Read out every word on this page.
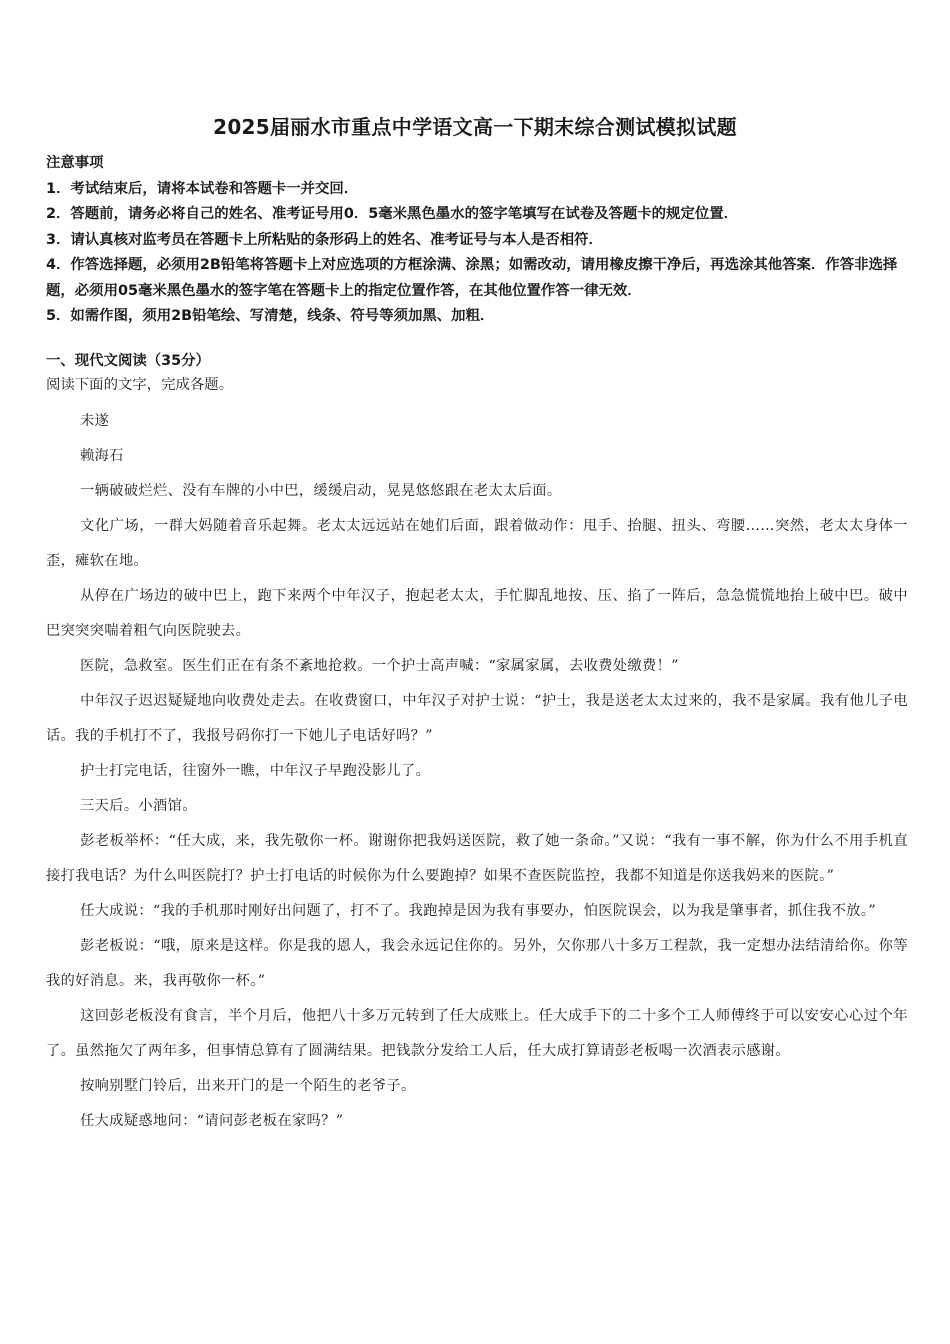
2025届丽水市重点中学语文高一下期末综合测试模拟试题

注意事项

1．考试结束后，请将本试卷和答题卡一并交回．

2．答题前，请务必将自己的姓名、准考证号用0．5毫米黑色墨水的签字笔填写在试卷及答题卡的规定位置．

3．请认真核对监考员在答题卡上所粘贴的条形码上的姓名、准考证号与本人是否相符．

4．作答选择题，必须用2B铅笔将答题卡上对应选项的方框涂满、涂黑；如需改动，请用橡皮擦干净后，再选涂其他答案．作答非选择题，必须用05毫米黑色墨水的签字笔在答题卡上的指定位置作答，在其他位置作答一律无效．

5．如需作图，须用2B铅笔绘、写清楚，线条、符号等须加黑、加粗．

一、现代文阅读（35分）

阅读下面的文字，完成各题。

未遂

赖海石

一辆破破烂烂、没有车牌的小中巴，缓缓启动，晃晃悠悠跟在老太太后面。

文化广场，一群大妈随着音乐起舞。老太太远远站在她们后面，跟着做动作：甩手、抬腿、扭头、弯腰……突然，老太太身体一歪，瘫软在地。

从停在广场边的破中巴上，跑下来两个中年汉子，抱起老太太，手忙脚乱地按、压、掐了一阵后，急急慌慌地抬上破中巴。破中巴突突突喘着粗气向医院驶去。

医院，急救室。医生们正在有条不紊地抢救。一个护士高声喊：“家属家属，去收费处缴费！”

中年汉子迟迟疑疑地向收费处走去。在收费窗口，中年汉子对护士说：“护士，我是送老太太过来的，我不是家属。我有他儿子电话。我的手机打不了，我报号码你打一下她儿子电话好吗？”

护士打完电话，往窗外一瞧，中年汉子早跑没影儿了。

三天后。小酒馆。

彭老板举杯：“任大成，来，我先敬你一杯。谢谢你把我妈送医院，救了她一条命。”又说：“我有一事不解，你为什么不用手机直接打我电话？为什么叫医院打？护士打电话的时候你为什么要跑掉？如果不查医院监控，我都不知道是你送我妈来的医院。”

任大成说：“我的手机那时刚好出问题了，打不了。我跑掉是因为我有事要办，怕医院误会，以为我是肇事者，抓住我不放。”

彭老板说：“哦，原来是这样。你是我的恩人，我会永远记住你的。另外，欠你那八十多万工程款，我一定想办法结清给你。你等我的好消息。来，我再敬你一杯。”

这回彭老板没有食言，半个月后，他把八十多万元转到了任大成账上。任大成手下的二十多个工人师傅终于可以安安心心过个年了。虽然拖欠了两年多，但事情总算有了圆满结果。把钱款分发给工人后，任大成打算请彭老板喝一次酒表示感谢。

按响别墅门铃后，出来开门的是一个陌生的老爷子。

任大成疑惑地问：“请问彭老板在家吗？”
